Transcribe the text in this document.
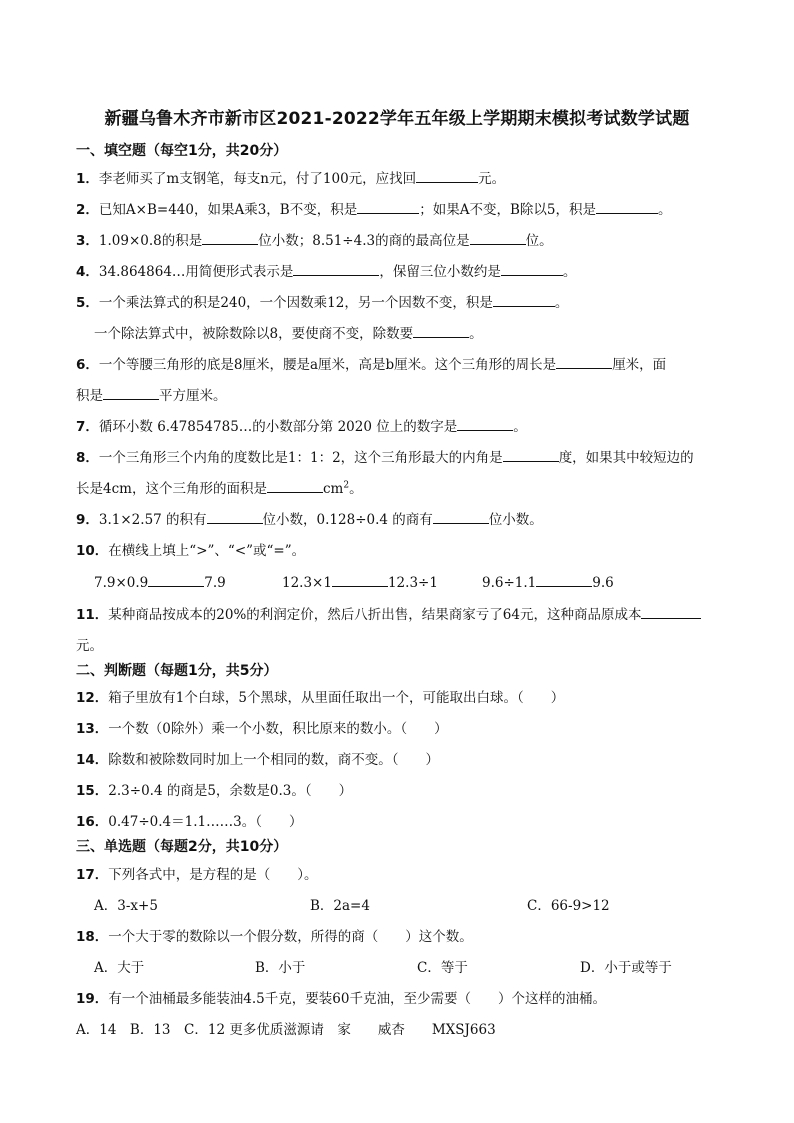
新疆乌鲁木齐市新市区2021-2022学年五年级上学期期末模拟考试数学试题
一、填空题（每空1分，共20分）
1．李老师买了m支钢笔，每支n元，付了100元，应找回	元。
2．已知A×B=440，如果A乘3，B不变，积是	；如果A不变，B除以5，积是	。
3．1.09×0.8的积是	位小数；8.51÷4.3的商的最高位是	位。
4．34.864864…用简便形式表示是	，保留三位小数约是	。
5．一个乘法算式的积是240，一个因数乘12，另一个因数不变，积是	。
一个除法算式中，被除数除以8，要使商不变，除数要	。
6．一个等腰三角形的底是8厘米，腰是a厘米，高是b厘米。这个三角形的周长是	厘米，面
积是	平方厘米。
7．循环小数 6.47854785…的小数部分第 2020 位上的数字是	。
8．一个三角形三个内角的度数比是1：1：2，这个三角形最大的内角是	度，如果其中较短边的
长是4cm，这个三角形的面积是	$cm^2$。
9．3.1×2.57 的积有	位小数，0.128÷0.4 的商有	位小数。
10．在横线上填上“>”、“<”或“=”。
7.9×0.9	7.9	12.3×1	12.3÷1	9.6÷1.1	9.6
11．某种商品按成本的20%的利润定价，然后八折出售，结果商家亏了64元，这种商品原成本
元。
二、判断题（每题1分，共5分）
12．箱子里放有1个白球，5个黑球，从里面任取出一个，可能取出白球。（　　）
13．一个数（0除外）乘一个小数，积比原来的数小。（　　）
14．除数和被除数同时加上一个相同的数，商不变。（　　）
15．2.3÷0.4 的商是5，余数是0.3。（　　）
16．0.47÷0.4＝1.1……3。（　　）
三、单选题（每题2分，共10分）
17．下列各式中，是方程的是（　　）。
A．3-x+5	B．2a=4	C．66-9>12
18．一个大于零的数除以一个假分数，所得的商（　　）这个数。
A．大于	B．小于	C．等于	D．小于或等于
19．有一个油桶最多能装油4.5千克，要装60千克油，至少需要（　　）个这样的油桶。
A．14　B．13　C．12 更多优质滋源请　家　　威杏　　MXSJ663
